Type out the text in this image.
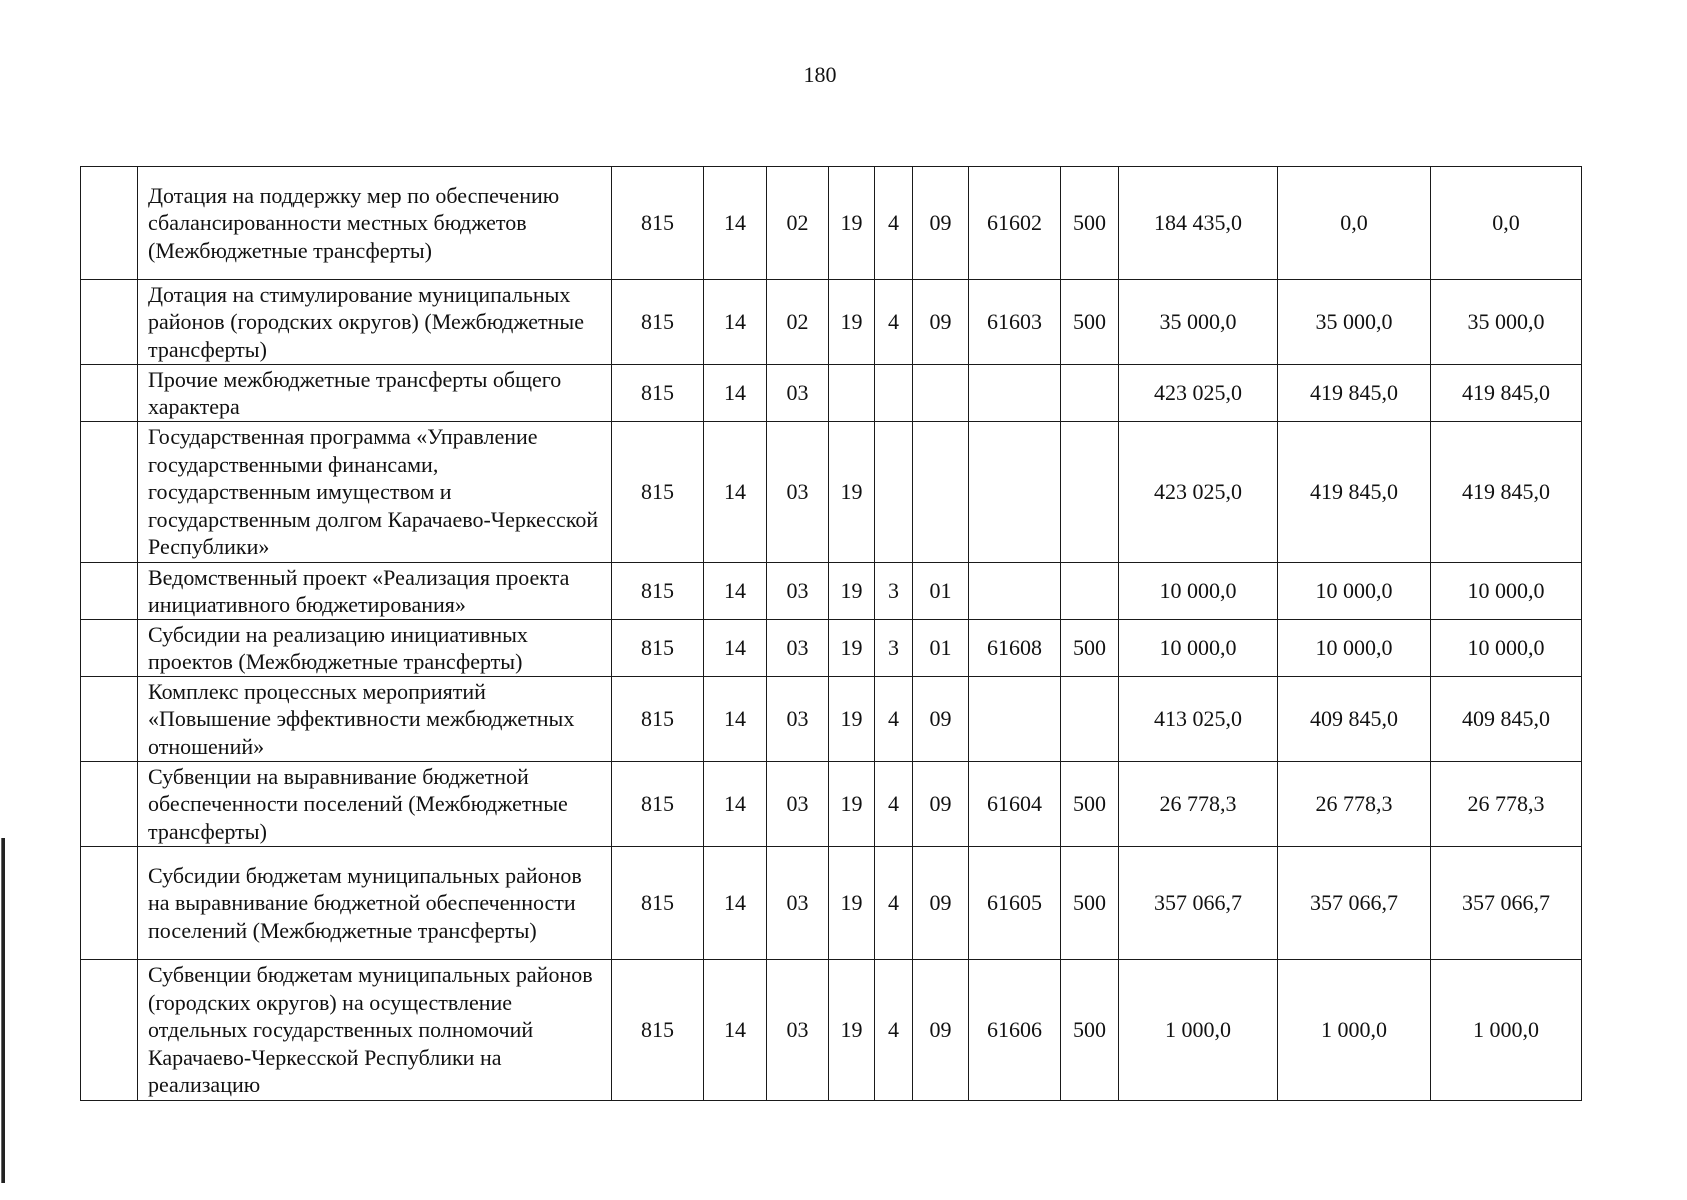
180
	Дотация на поддержку мер по обеспечению сбалансированности местных бюджетов (Межбюджетные трансферты)	815	14	02	19	4	09	61602	500	184 435,0	0,0	0,0
	Дотация на стимулирование муниципальных районов (городских округов) (Межбюджетные трансферты)	815	14	02	19	4	09	61603	500	35 000,0	35 000,0	35 000,0
	Прочие межбюджетные трансферты общего характера	815	14	03						423 025,0	419 845,0	419 845,0
	Государственная программа «Управление государственными финансами, государственным имуществом и государственным долгом Карачаево-Черкесской Республики»	815	14	03	19					423 025,0	419 845,0	419 845,0
	Ведомственный проект «Реализация проекта инициативного бюджетирования»	815	14	03	19	3	01			10 000,0	10 000,0	10 000,0
	Субсидии на реализацию инициативных проектов (Межбюджетные трансферты)	815	14	03	19	3	01	61608	500	10 000,0	10 000,0	10 000,0
	Комплекс процессных мероприятий «Повышение эффективности межбюджетных отношений»	815	14	03	19	4	09			413 025,0	409 845,0	409 845,0
	Субвенции на выравнивание бюджетной обеспеченности поселений (Межбюджетные трансферты)	815	14	03	19	4	09	61604	500	26 778,3	26 778,3	26 778,3
	Субсидии бюджетам муниципальных районов на выравнивание бюджетной обеспеченности поселений (Межбюджетные трансферты)	815	14	03	19	4	09	61605	500	357 066,7	357 066,7	357 066,7
	Субвенции бюджетам муниципальных районов (городских округов) на осуществление отдельных государственных полномочий Карачаево-Черкесской Республики на реализацию	815	14	03	19	4	09	61606	500	1 000,0	1 000,0	1 000,0
